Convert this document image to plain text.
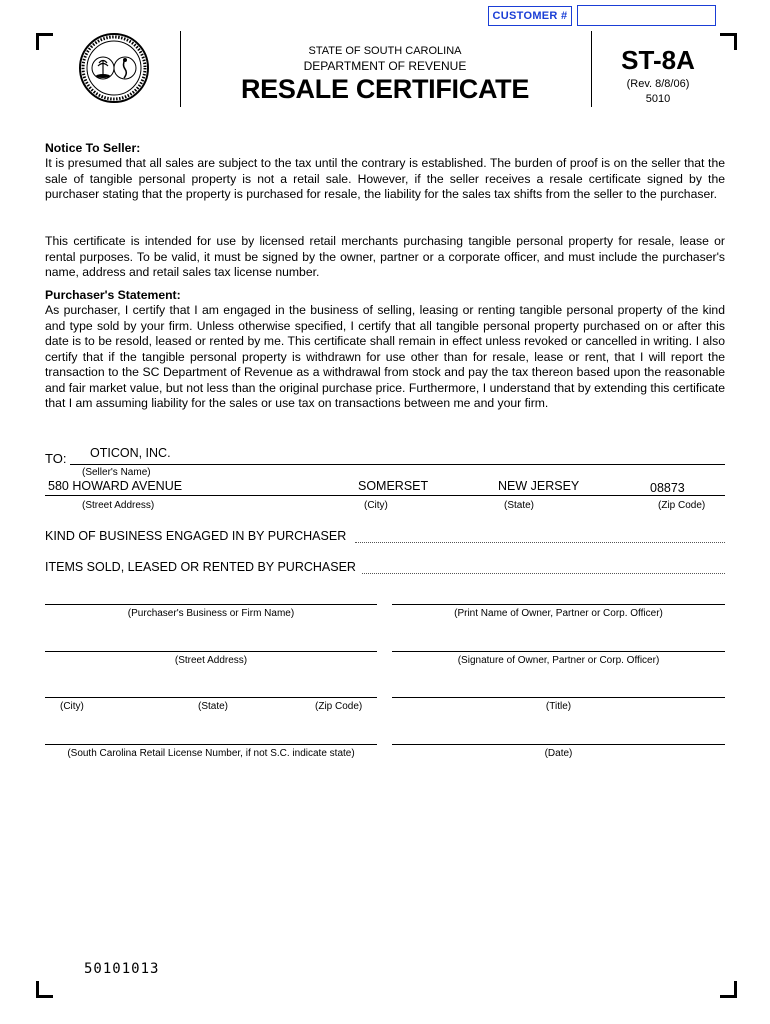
CUSTOMER #
STATE OF SOUTH CAROLINA
DEPARTMENT OF REVENUE
RESALE CERTIFICATE
ST-8A
(Rev. 8/8/06)
5010
Notice To Seller:
It is presumed that all sales are subject to the tax until the contrary is established. The burden of proof is on the seller that the sale of tangible personal property is not a retail sale. However, if the seller receives a resale certificate signed by the purchaser stating that the property is purchased for resale, the liability for the sales tax shifts from the seller to the purchaser.
This certificate is intended for use by licensed retail merchants purchasing tangible personal property for resale, lease or rental purposes. To be valid, it must be signed by the owner, partner or a corporate officer, and must include the purchaser's name, address and retail sales tax license number.
Purchaser's Statement:
As purchaser, I certify that I am engaged in the business of selling, leasing or renting tangible personal property of the kind and type sold by your firm. Unless otherwise specified, I certify that all tangible personal property purchased on or after this date is to be resold, leased or rented by me. This certificate shall remain in effect unless revoked or cancelled in writing. I also certify that if the tangible personal property is withdrawn for use other than for resale, lease or rent, that I will report the transaction to the SC Department of Revenue as a withdrawal from stock and pay the tax thereon based upon the reasonable and fair market value, but not less than the original purchase price. Furthermore, I understand that by extending this certificate that I am assuming liability for the sales or use tax on transactions between me and your firm.
TO: OTICON, INC.
(Seller's Name)
580 HOWARD AVENUE	SOMERSET	NEW JERSEY	08873
(Street Address)	(City)	(State)	(Zip Code)
KIND OF BUSINESS ENGAGED IN BY PURCHASER
ITEMS SOLD, LEASED OR RENTED BY PURCHASER
(Purchaser's Business or Firm Name)
(Street Address)
(City)	(State)	(Zip Code)
(South Carolina Retail License Number, if not S.C. indicate state)
(Print Name of Owner, Partner or Corp. Officer)
(Signature of Owner, Partner or Corp. Officer)
(Title)
(Date)
50101013
